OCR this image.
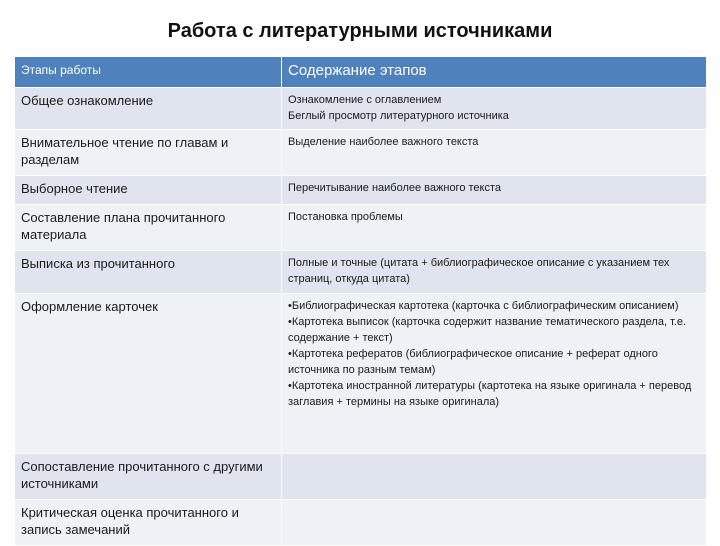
Работа с литературными источниками
Этапы работы	Содержание этапов
Общее ознакомление	Ознакомление с оглавлением
Беглый просмотр литературного источника

Внимательное чтение по главам и разделам	Выделение наиболее важного текста

Выборное чтение	Перечитывание наиболее важного текста

Составление плана прочитанного материала	Постановка проблемы

Выписка из прочитанного	Полные и точные (цитата + библиографическое описание с указанием тех страниц, откуда цитата)

Оформление карточек	•Библиографическая картотека (карточка с библиографическим описанием)
•Картотека выписок (карточка содержит название тематического раздела, т.е. содержание + текст)
•Картотека рефератов (библиографическое описание + реферат одного источника по разным темам)
•Картотека иностранной литературы (картотека на языке оригинала + перевод заглавия + термины на языке оригинала)

Сопоставление прочитанного с другими источниками	
Критическая оценка прочитанного и запись замечаний	
